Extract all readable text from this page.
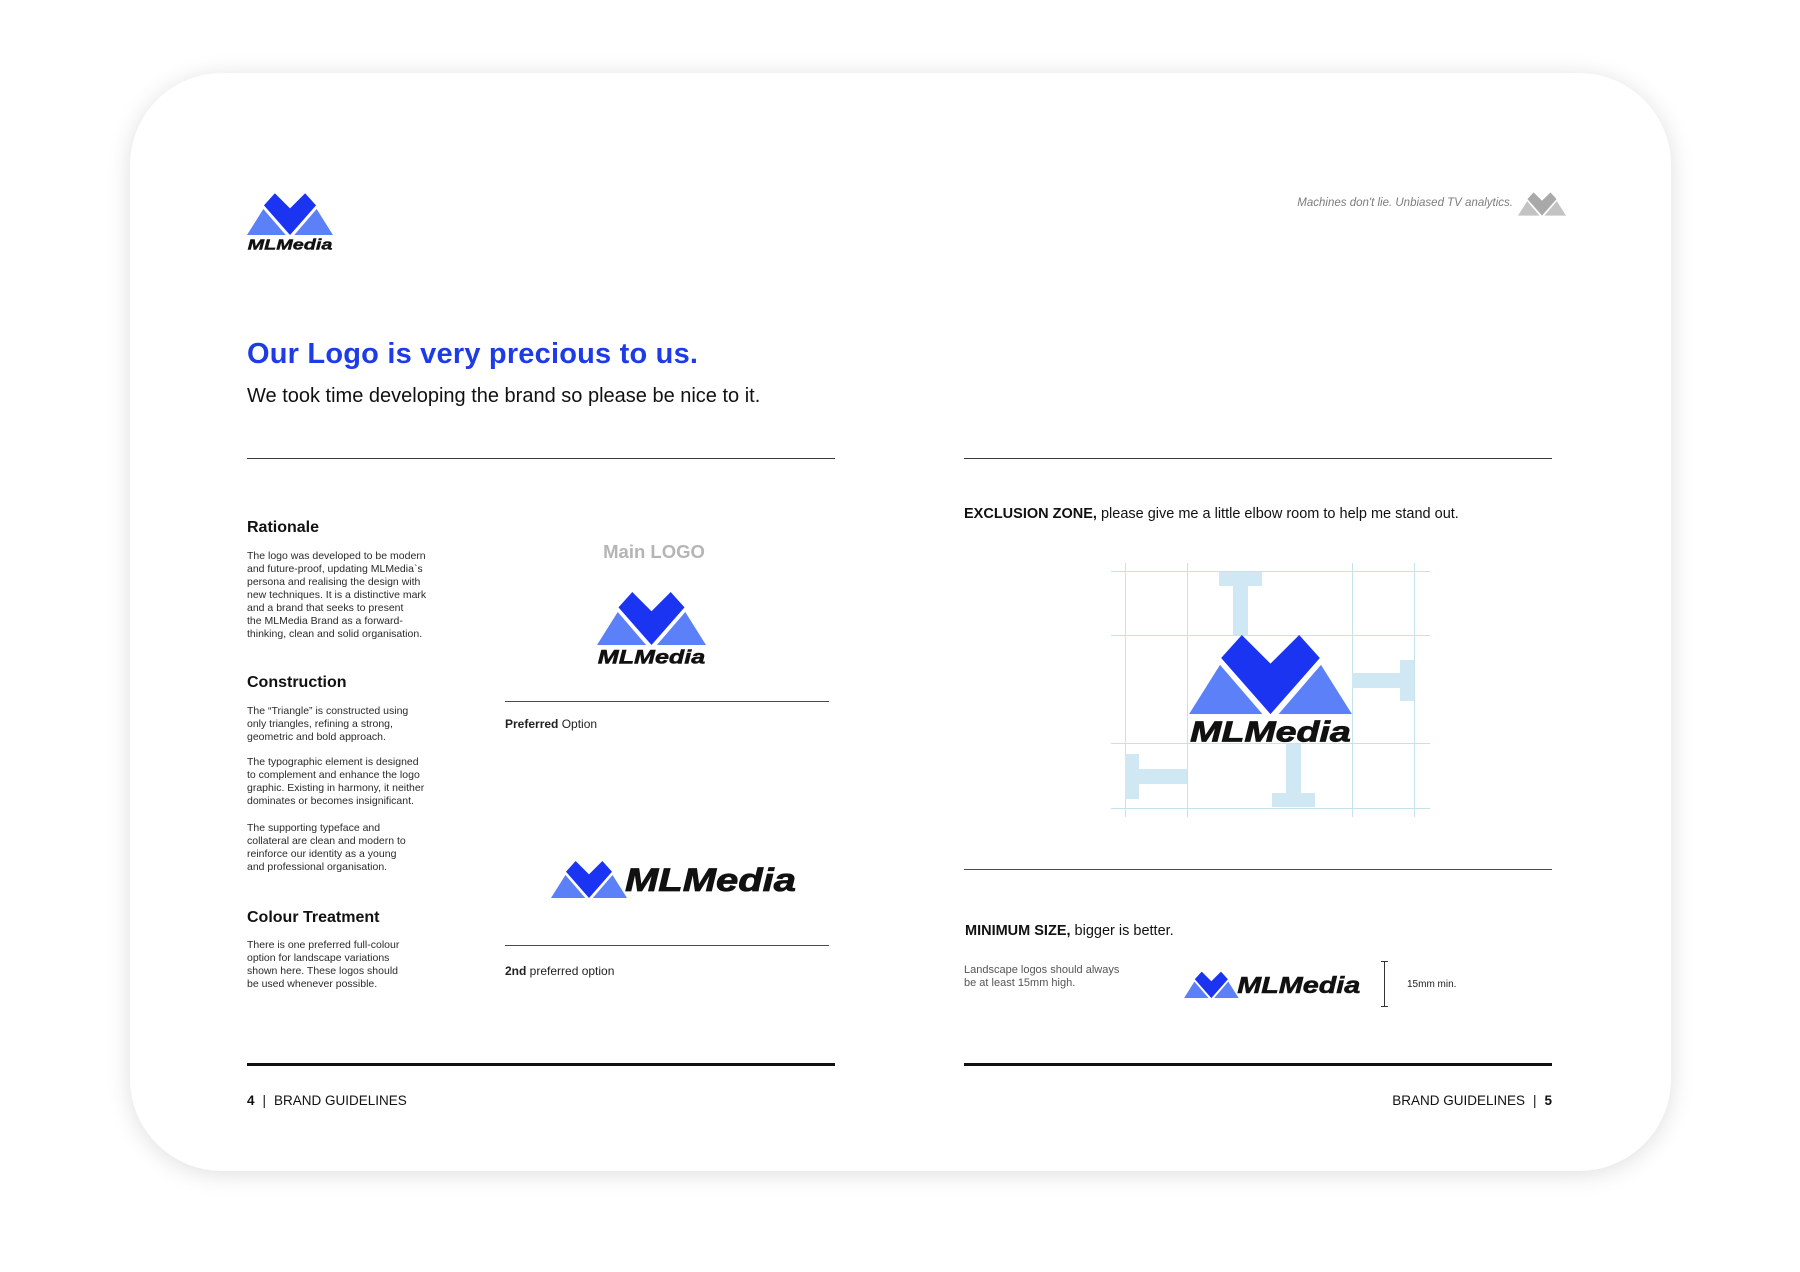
Machines don't lie. Unbiased TV analytics.
Our Logo is very precious to us.
We took time developing the brand so please be nice to it.
Rationale
The logo was developed to be modern
and future-proof, updating MLMedia`s
persona and realising the design with
new techniques. It is a distinctive mark
and a brand that seeks to present
the MLMedia Brand as a forward-
thinking, clean and solid organisation.
Construction
The “Triangle” is constructed using
only triangles, refining a strong,
geometric and bold approach.
The typographic element is designed
to complement and enhance the logo
graphic. Existing in harmony, it neither
dominates or becomes insignificant.
The supporting typeface and
collateral are clean and modern to
reinforce our identity as a young
and professional organisation.
Colour Treatment
There is one preferred full-colour
option for landscape variations
shown here. These logos should
be used whenever possible.
Main LOGO
Preferred Option
2nd preferred option
4 | BRAND GUIDELINES
EXCLUSION ZONE, please give me a little elbow room to help me stand out.
MINIMUM SIZE, bigger is better.
Landscape logos should always
be at least 15mm high.	15mm min.
BRAND GUIDELINES | 5
